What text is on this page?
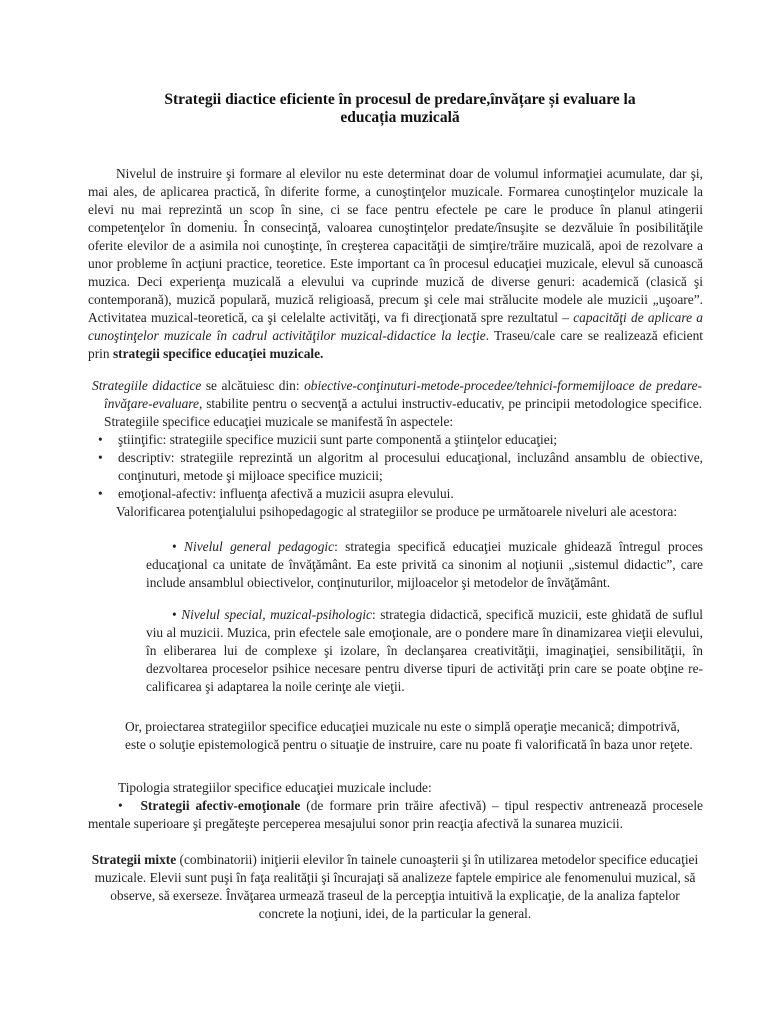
Strategii diactice eficiente în procesul de predare,învățare și evaluare la
educația muzicală
Nivelul de instruire şi formare al elevilor nu este determinat doar de volumul informaţiei acumulate, dar şi, mai ales, de aplicarea practică, în diferite forme, a cunoştinţelor muzicale. Formarea cunoştinţelor muzicale la elevi nu mai reprezintă un scop în sine, ci se face pentru efectele pe care le produce în planul atingerii competenţelor în domeniu. În consecinţă, valoarea cunoştinţelor predate/însuşite se dezvăluie în posibilităţile oferite elevilor de a asimila noi cunoştinţe, în creşterea capacităţii de simţire/trăire muzicală, apoi de rezolvare a unor probleme în acţiuni practice, teoretice. Este important ca în procesul educaţiei muzicale, elevul să cunoască muzica. Deci experienţa muzicală a elevului va cuprinde muzică de diverse genuri: academică (clasică şi contemporană), muzică populară, muzică religioasă, precum şi cele mai strălucite modele ale muzicii „uşoare”. Activitatea muzical-teoretică, ca şi celelalte activităţi, va fi direcţionată spre rezultatul – capacităţi de aplicare a cunoştinţelor muzicale în cadrul activităţilor muzical-didactice la lecţie. Traseu/cale care se realizează eficient prin strategii specifice educaţiei muzicale.
Strategiile didactice se alcătuiesc din: obiective-conţinuturi-metode-procedee/tehnici-formemijloace de predare-învăţare-evaluare, stabilite pentru o secvenţă a actului instructiv-educativ, pe principii metodologice specifice. Strategiile specifice educaţiei muzicale se manifestă în aspectele:
• ştiinţific: strategiile specifice muzicii sunt parte componentă a ştiinţelor educaţiei;
• descriptiv: strategiile reprezintă un algoritm al procesului educaţional, incluzând ansamblu de obiective, conţinuturi, metode şi mijloace specifice muzicii;
• emoţional-afectiv: influenţa afectivă a muzicii asupra elevului.
Valorificarea potenţialului psihopedagogic al strategiilor se produce pe următoarele niveluri ale acestora:
• Nivelul general pedagogic: strategia specifică educaţiei muzicale ghidează întregul proces educaţional ca unitate de învăţământ. Ea este privită ca sinonim al noţiunii „sistemul didactic”, care include ansamblul obiectivelor, conţinuturilor, mijloacelor şi metodelor de învăţământ.
• Nivelul special, muzical-psihologic: strategia didactică, specifică muzicii, este ghidată de suflul viu al muzicii. Muzica, prin efectele sale emoţionale, are o pondere mare în dinamizarea vieţii elevului, în eliberarea lui de complexe şi izolare, în declanşarea creativităţii, imaginaţiei, sensibilităţii, în dezvoltarea proceselor psihice necesare pentru diverse tipuri de activităţi prin care se poate obţine re-calificarea şi adaptarea la noile cerinţe ale vieţii.
Or, proiectarea strategiilor specifice educaţiei muzicale nu este o simplă operaţie mecanică; dimpotrivă, este o soluţie epistemologică pentru o situaţie de instruire, care nu poate fi valorificată în baza unor reţete.
Tipologia strategiilor specifice educaţiei muzicale include:
• Strategii afectiv-emoţionale (de formare prin trăire afectivă) – tipul respectiv antrenează procesele mentale superioare şi pregăteşte perceperea mesajului sonor prin reacţia afectivă la sunarea muzicii.
Strategii mixte (combinatorii) iniţierii elevilor în tainele cunoaşterii şi în utilizarea metodelor specifice educaţiei muzicale. Elevii sunt puşi în faţa realităţii şi încurajaţi să analizeze faptele empirice ale fenomenului muzical, să observe, să exerseze. Învăţarea urmează traseul de la percepţia intuitivă la explicaţie, de la analiza faptelor concrete la noţiuni, idei, de la particular la general.
